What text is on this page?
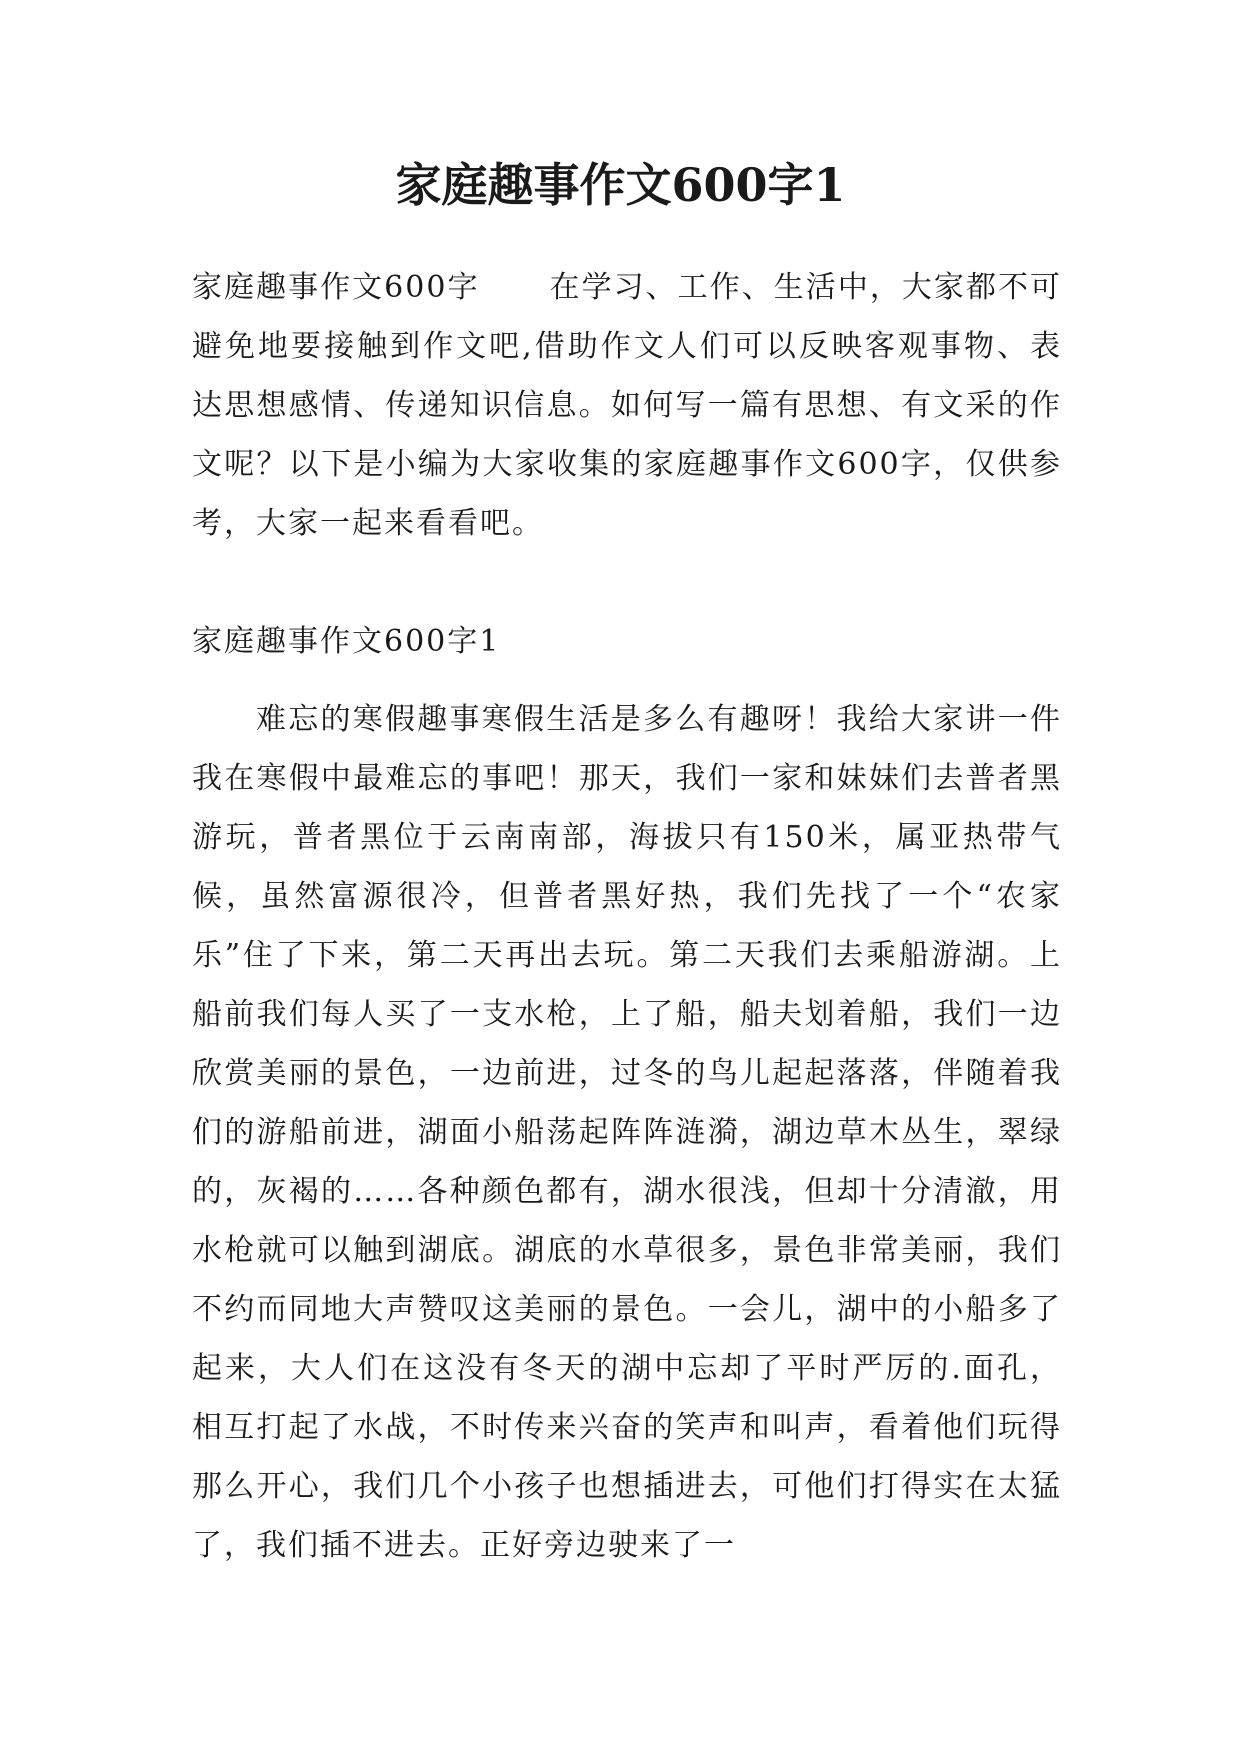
家庭趣事作文600字1

家庭趣事作文600字 在学习、工作、生活中，大家都不可避免地要接触到作文吧,借助作文人们可以反映客观事物、表达思想感情、传递知识信息。如何写一篇有思想、有文采的作文呢？以下是小编为大家收集的家庭趣事作文600字，仅供参考，大家一起来看看吧。

家庭趣事作文600字1

难忘的寒假趣事寒假生活是多么有趣呀！我给大家讲一件我在寒假中最难忘的事吧！那天，我们一家和妹妹们去普者黑游玩，普者黑位于云南南部，海拔只有150米，属亚热带气候，虽然富源很冷，但普者黑好热，我们先找了一个“农家乐”住了下来，第二天再出去玩。第二天我们去乘船游湖。上船前我们每人买了一支水枪，上了船，船夫划着船，我们一边欣赏美丽的景色，一边前进，过冬的鸟儿起起落落，伴随着我们的游船前进，湖面小船荡起阵阵涟漪，湖边草木丛生，翠绿的，灰褐的……各种颜色都有，湖水很浅，但却十分清澈，用水枪就可以触到湖底。湖底的水草很多，景色非常美丽，我们不约而同地大声赞叹这美丽的景色。一会儿，湖中的小船多了起来，大人们在这没有冬天的湖中忘却了平时严厉的.面孔，相互打起了水战，不时传来兴奋的笑声和叫声，看着他们玩得那么开心，我们几个小孩子也想插进去，可他们打得实在太猛了，我们插不进去。正好旁边驶来了一
